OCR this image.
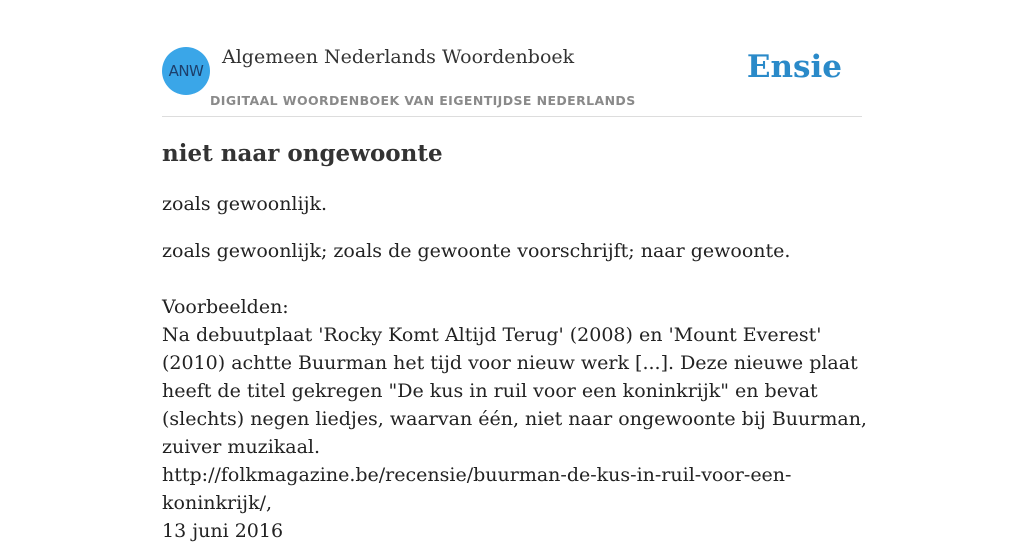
ANW
Algemeen Nederlands Woordenboek
DIGITAAL WOORDENBOEK VAN EIGENTIJDSE NEDERLANDS
Ensie
niet naar ongewoonte

zoals gewoonlijk.

zoals gewoonlijk; zoals de gewoonte voorschrijft; naar gewoonte.

Voorbeelden:

Na debuutplaat 'Rocky Komt Altijd Terug' (2008) en 'Mount Everest' (2010) achtte Buurman het tijd voor nieuw werk [...]. Deze nieuwe plaat heeft de titel gekregen "De kus in ruil voor een koninkrijk" en bevat (slechts) negen liedjes, waarvan één, niet naar ongewoonte bij Buurman, zuiver muzikaal.

http://folkmagazine.be/recensie/buurman-de-kus-in-ruil-voor-een-koninkrijk/,

13 juni 2016
